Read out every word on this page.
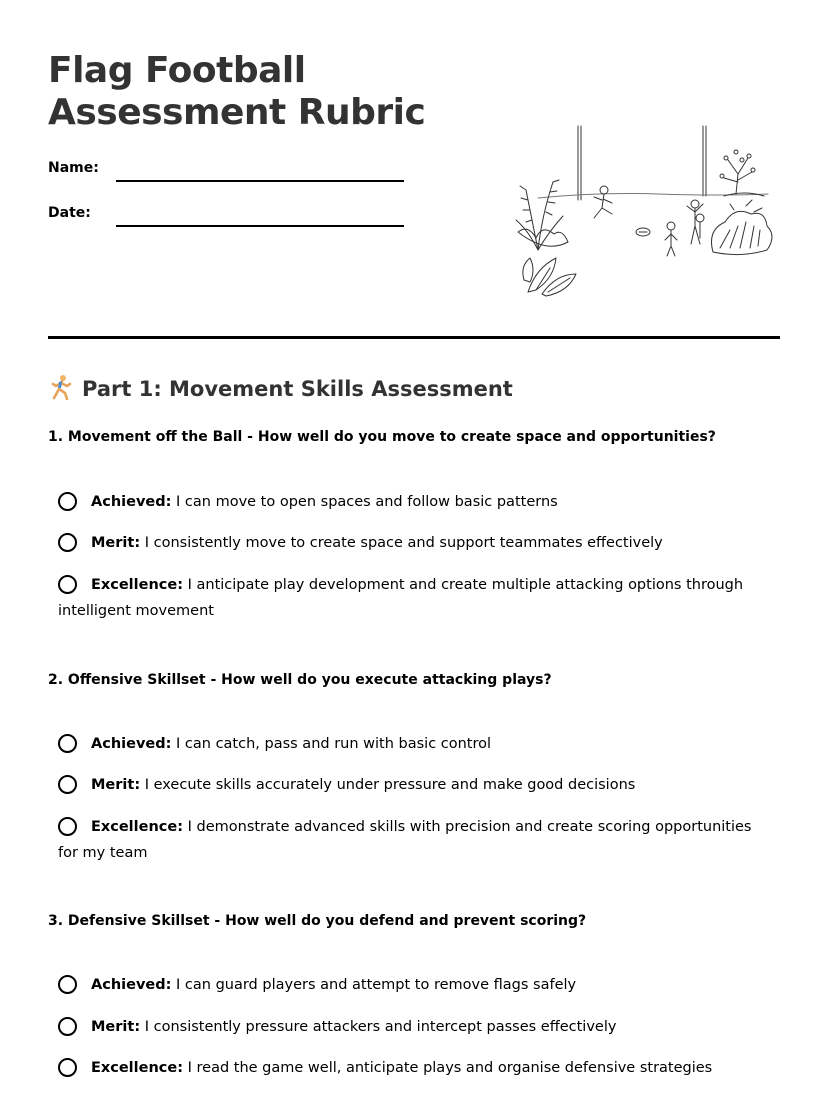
Flag Football
Assessment Rubric
Name:
Date:
Part 1: Movement Skills Assessment

1. Movement off the Ball - How well do you move to create space and opportunities?

Achieved: I can move to open spaces and follow basic patterns
Merit: I consistently move to create space and support teammates effectively
Excellence: I anticipate play development and create multiple attacking options through intelligent movement

2. Offensive Skillset - How well do you execute attacking plays?

Achieved: I can catch, pass and run with basic control
Merit: I execute skills accurately under pressure and make good decisions
Excellence: I demonstrate advanced skills with precision and create scoring opportunities for my team

3. Defensive Skillset - How well do you defend and prevent scoring?

Achieved: I can guard players and attempt to remove flags safely
Merit: I consistently pressure attackers and intercept passes effectively
Excellence: I read the game well, anticipate plays and organise defensive strategies
